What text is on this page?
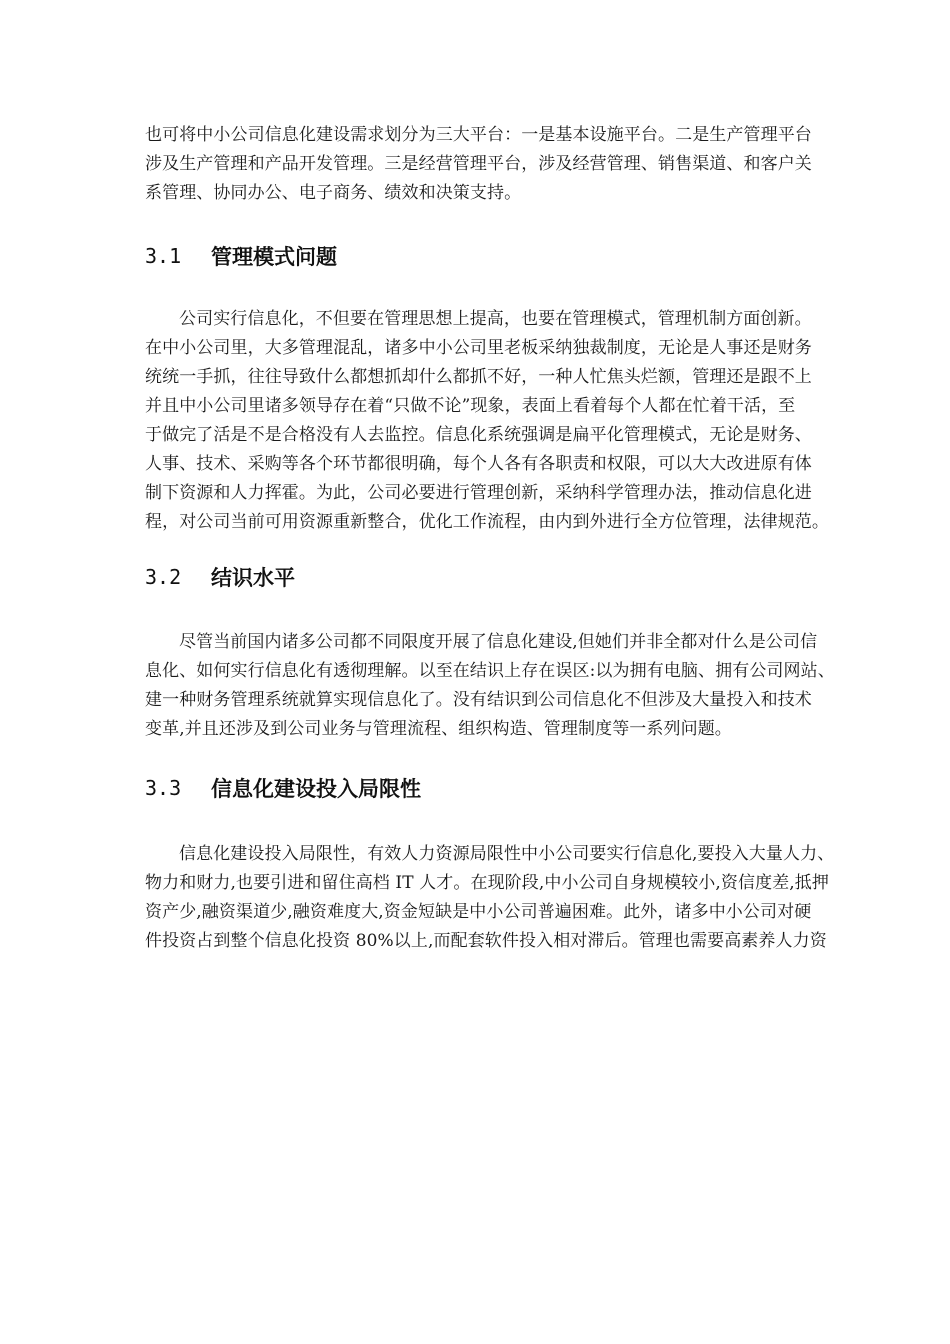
也可将中小公司信息化建设需求划分为三大平台：一是基本设施平台。二是生产管理平台

涉及生产管理和产品开发管理。三是经营管理平台，涉及经营管理、销售渠道、和客户关

系管理、协同办公、电子商务、绩效和决策支持。

3.1	管理模式问题

公司实行信息化，不但要在管理思想上提高，也要在管理模式，管理机制方面创新。

在中小公司里，大多管理混乱，诸多中小公司里老板采纳独裁制度，无论是人事还是财务

统统一手抓，往往导致什么都想抓却什么都抓不好，一种人忙焦头烂额，管理还是跟不上

并且中小公司里诸多领导存在着“只做不论”现象，表面上看着每个人都在忙着干活，至

于做完了活是不是合格没有人去监控。信息化系统强调是扁平化管理模式，无论是财务、

人事、技术、采购等各个环节都很明确，每个人各有各职责和权限，可以大大改进原有体

制下资源和人力挥霍。为此，公司必要进行管理创新，采纳科学管理办法，推动信息化进

程，对公司当前可用资源重新整合，优化工作流程，由内到外进行全方位管理，法律规范。

3.2	结识水平

尽管当前国内诸多公司都不同限度开展了信息化建设,但她们并非全都对什么是公司信

息化、如何实行信息化有透彻理解。以至在结识上存在误区:以为拥有电脑、拥有公司网站、

建一种财务管理系统就算实现信息化了。没有结识到公司信息化不但涉及大量投入和技术

变革,并且还涉及到公司业务与管理流程、组织构造、管理制度等一系列问题。

3.3	信息化建设投入局限性

信息化建设投入局限性，有效人力资源局限性中小公司要实行信息化,要投入大量人力、

物力和财力,也要引进和留住高档 IT 人才。在现阶段,中小公司自身规模较小,资信度差,抵押

资产少,融资渠道少,融资难度大,资金短缺是中小公司普遍困难。此外，诸多中小公司对硬

件投资占到整个信息化投资 80%以上,而配套软件投入相对滞后。管理也需要高素养人力资
